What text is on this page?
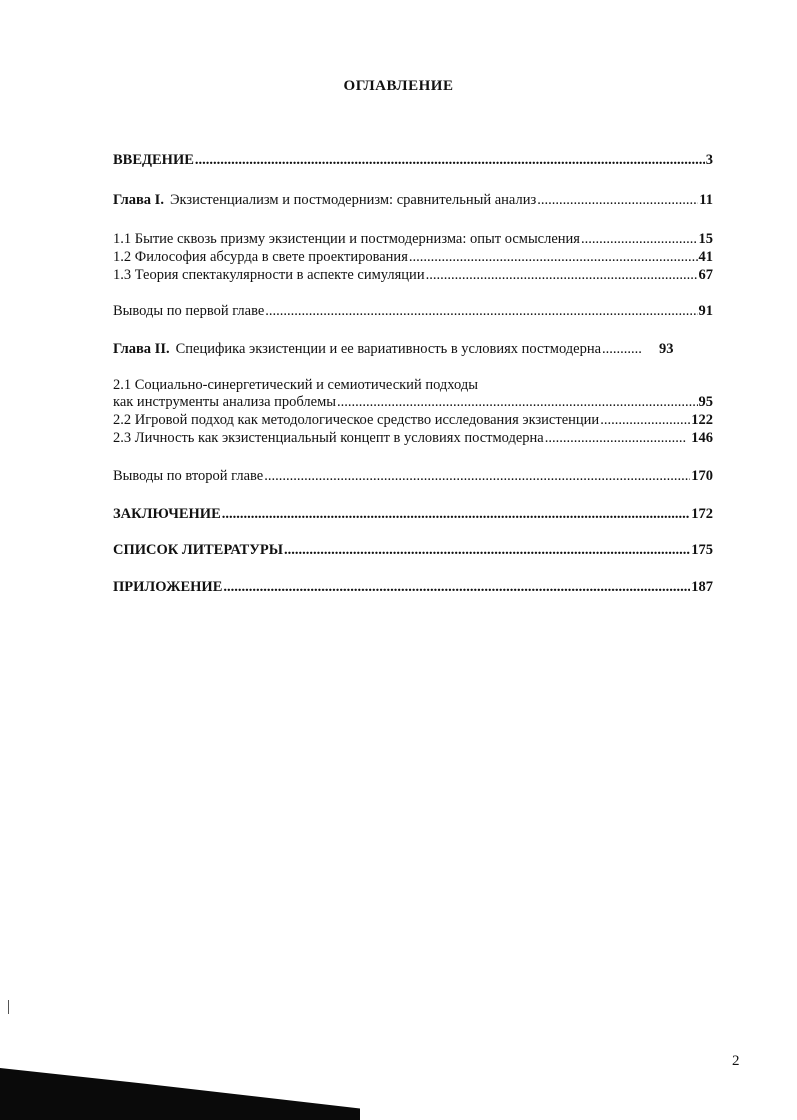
ОГЛАВЛЕНИЕ
ВВЕДЕНИЕ .....	3
Глава I. Экзистенциализм и постмодернизм: сравнительный анализ .....	11
1.1 Бытие сквозь призму экзистенции и постмодернизма: опыт осмысления .....	15
1.2 Философия абсурда в свете проектирования .....	41
1.3 Теория спектакулярности в аспекте симуляции .....	67
Выводы по первой главе .....	91
Глава II. Специфика экзистенции и ее вариативность в условиях постмодерна .....	93
2.1 Социально-синергетический и семиотический подходы
как инструменты анализа проблемы .....	95
2.2 Игровой подход как методологическое средство исследования экзистенции .....	122
2.3 Личность как экзистенциальный концепт в условиях постмодерна .....	146
Выводы по второй главе .....	170
ЗАКЛЮЧЕНИЕ .....	172
СПИСОК ЛИТЕРАТУРЫ .....	175
ПРИЛОЖЕНИЕ .....	187
2
